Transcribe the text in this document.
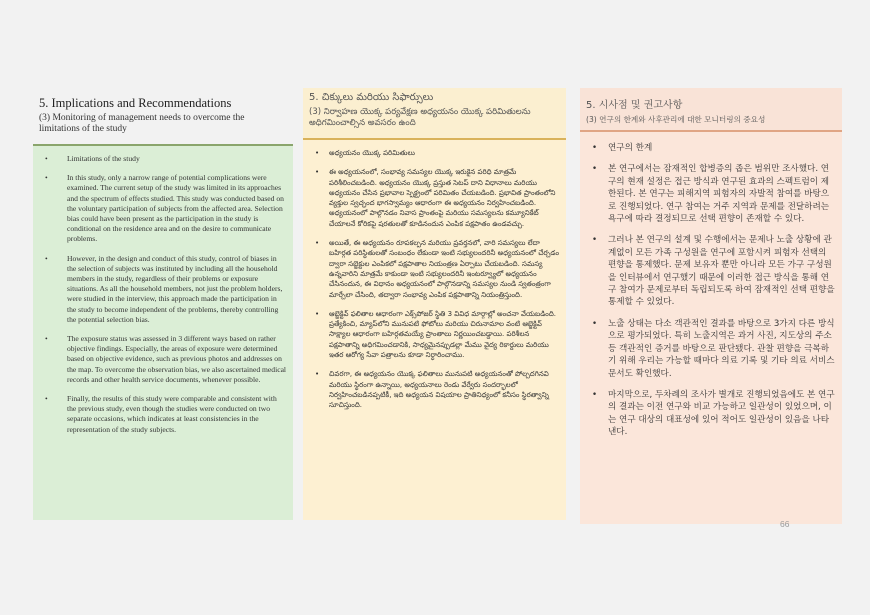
5. Implications and Recommendations
(3) Monitoring of management needs to overcome the limitations of the study
• Limitations of the study
• In this study, only a narrow range of potential complications were examined. The current setup of the study was limited in its approaches and the spectrum of effects studied. This study was conducted based on the voluntary participation of subjects from the affected area. Selection bias could have been present as the participation in the study is conditional on the residence area and on the desire to communicate problems.
• However, in the design and conduct of this study, control of biases in the selection of subjects was instituted by including all the household members in the study, regardless of their problems or exposure situations. As all the household members, not just the problem holders, were studied in the interview, this approach made the participation in the study to become independent of the problems, thereby controlling the potential selection bias.
• The exposure status was assessed in 3 different ways based on rather objective findings. Especially, the areas of exposure were determined based on objective evidence, such as previous photos and addresses on the map. To overcome the observation bias, we also ascertained medical records and other health service documents, whenever possible.
• Finally, the results of this study were comparable and consistent with the previous study, even though the studies were conducted on two separate occasions, which indicates at least consistencies in the representation of the study subjects.
5. చిక్కులు మరియు సిఫార్సులు
(3) నిర్వాహణ యొక్క పర్యవేక్షణ అధ్యయనం యొక్క పరిమితులను అధిగమించాల్సిన అవసరం ఉంది
• అధ్యయనం యొక్క పరిమితులు
• ఈ అధ్యయనంలో, సంభావ్య సమస్యల యొక్క ఇరుకైన పరిధి మాత్రమే పరిశీలించబడింది. అధ్యయనం యొక్క ప్రస్తుత సెటప్ దాని విధానాలు మరియు అధ్యయనం చేసిన ప్రభావాల స్పెక్ట్రంలో పరిమితం చేయబడింది. ప్రభావిత ప్రాంతంలోని వ్యక్తుల స్వచ్ఛంద భాగస్వామ్యం ఆధారంగా ఈ అధ్యయనం నిర్వహించబడింది. అధ్యయనంలో పాల్గొనడం నివాస ప్రాంతంపై మరియు సమస్యలను కమ్యూనికేట్ చేయాలనే కోరికపై షరతులతో కూడినందున ఎంపిక పక్షపాతం ఉండవచ్చు.
• అయితే, ఈ అధ్యయనం రూపకల్పన మరియు ప్రవర్తనలో, వారి సమస్యలు లేదా బహిర్గత పరిస్థితులతో సంబంధం లేకుండా ఇంటి సభ్యులందరినీ అధ్యయనంలో చేర్చడం ద్వారా సబ్జెక్టుల ఎంపికలో పక్షపాతాల నియంత్రణ ఏర్పాటు చేయబడింది. సమస్య ఉన్నవారిని మాత్రమే కాకుండా ఇంటి సభ్యులందరినీ ఇంటర్వ్యూలో అధ్యయనం చేసినందున, ఈ విధానం అధ్యయనంలో పాల్గొనడాన్ని సమస్యల నుండి స్వతంత్రంగా మార్చేలా చేసింది, తద్వారా సంభావ్య ఎంపిక పక్షపాతాన్ని నియంత్రిస్తుంది.
• ఆబ్జెక్టివ్ ఫలితాల ఆధారంగా ఎక్స్‌పోజర్ స్థితి 3 వివిధ మార్గాల్లో అంచనా వేయబడింది. ప్రత్యేకించి, మ్యాప్‌లోని మునుపటి ఫోటోలు మరియు చిరునామాల వంటి ఆబ్జెక్టివ్ సాక్ష్యాల ఆధారంగా బహిర్గతమయ్యే ప్రాంతాలు నిర్ణయించబడ్డాయి. పరిశీలన పక్షపాతాన్ని అధిగమించడానికి, సాధ్యమైనప్పుడల్లా మేము వైద్య రికార్డులు మరియు ఇతర ఆరోగ్య సేవా పత్రాలను కూడా నిర్ధారించాము.
• చివరగా, ఈ అధ్యయనం యొక్క ఫలితాలు మునుపటి అధ్యయనంతో పోల్చదగినవి మరియు స్థిరంగా ఉన్నాయి, అధ్యయనాలు రెండు వేర్వేరు సందర్భాలలో నిర్వహించబడినప్పటికీ, ఇది అధ్యయన విషయాల ప్రాతినిధ్యంలో కనీసం స్థిరత్వాన్ని సూచిస్తుంది.
5. 시사점 및 권고사항
(3) 연구의 한계와 사후관리에 대한 모니터링의 중요성
• 연구의 한계
• 본 연구에서는 잠재적인 합병증의 좁은 범위만 조사했다. 연구의 현재 설정은 접근 방식과 연구된 효과의 스펙트럼이 제한된다. 본 연구는 피해지역 피험자의 자발적 참여를 바탕으로 진행되었다. 연구 참여는 거주 지역과 문제를 전달하려는 욕구에 따라 결정되므로 선택 편향이 존재할 수 있다.
• 그러나 본 연구의 설계 및 수행에서는 문제나 노출 상황에 관계없이 모든 가족 구성원을 연구에 포함시켜 피험자 선택의 편향을 통제했다. 문제 보유자 뿐만 아니라 모든 가구 구성원을 인터뷰에서 연구했기 때문에 이러한 접근 방식을 통해 연구 참여가 문제로부터 독립되도록 하여 잠재적인 선택 편향을 통제할 수 있었다.
• 노출 상태는 다소 객관적인 결과를 바탕으로 3가지 다른 방식으로 평가되었다. 특히 노출지역은 과거 사진, 지도상의 주소 등 객관적인 증거를 바탕으로 판단됐다. 관찰 편향을 극복하기 위해 우리는 가능할 때마다 의료 기록 및 기타 의료 서비스 문서도 확인했다.
• 마지막으로, 두차례의 조사가 별개로 진행되었음에도 본 연구의 결과는 이전 연구와 비교 가능하고 일관성이 있었으며, 이는 연구 대상의 대표성에 있어 적어도 일관성이 있음을 나타낸다.
66
